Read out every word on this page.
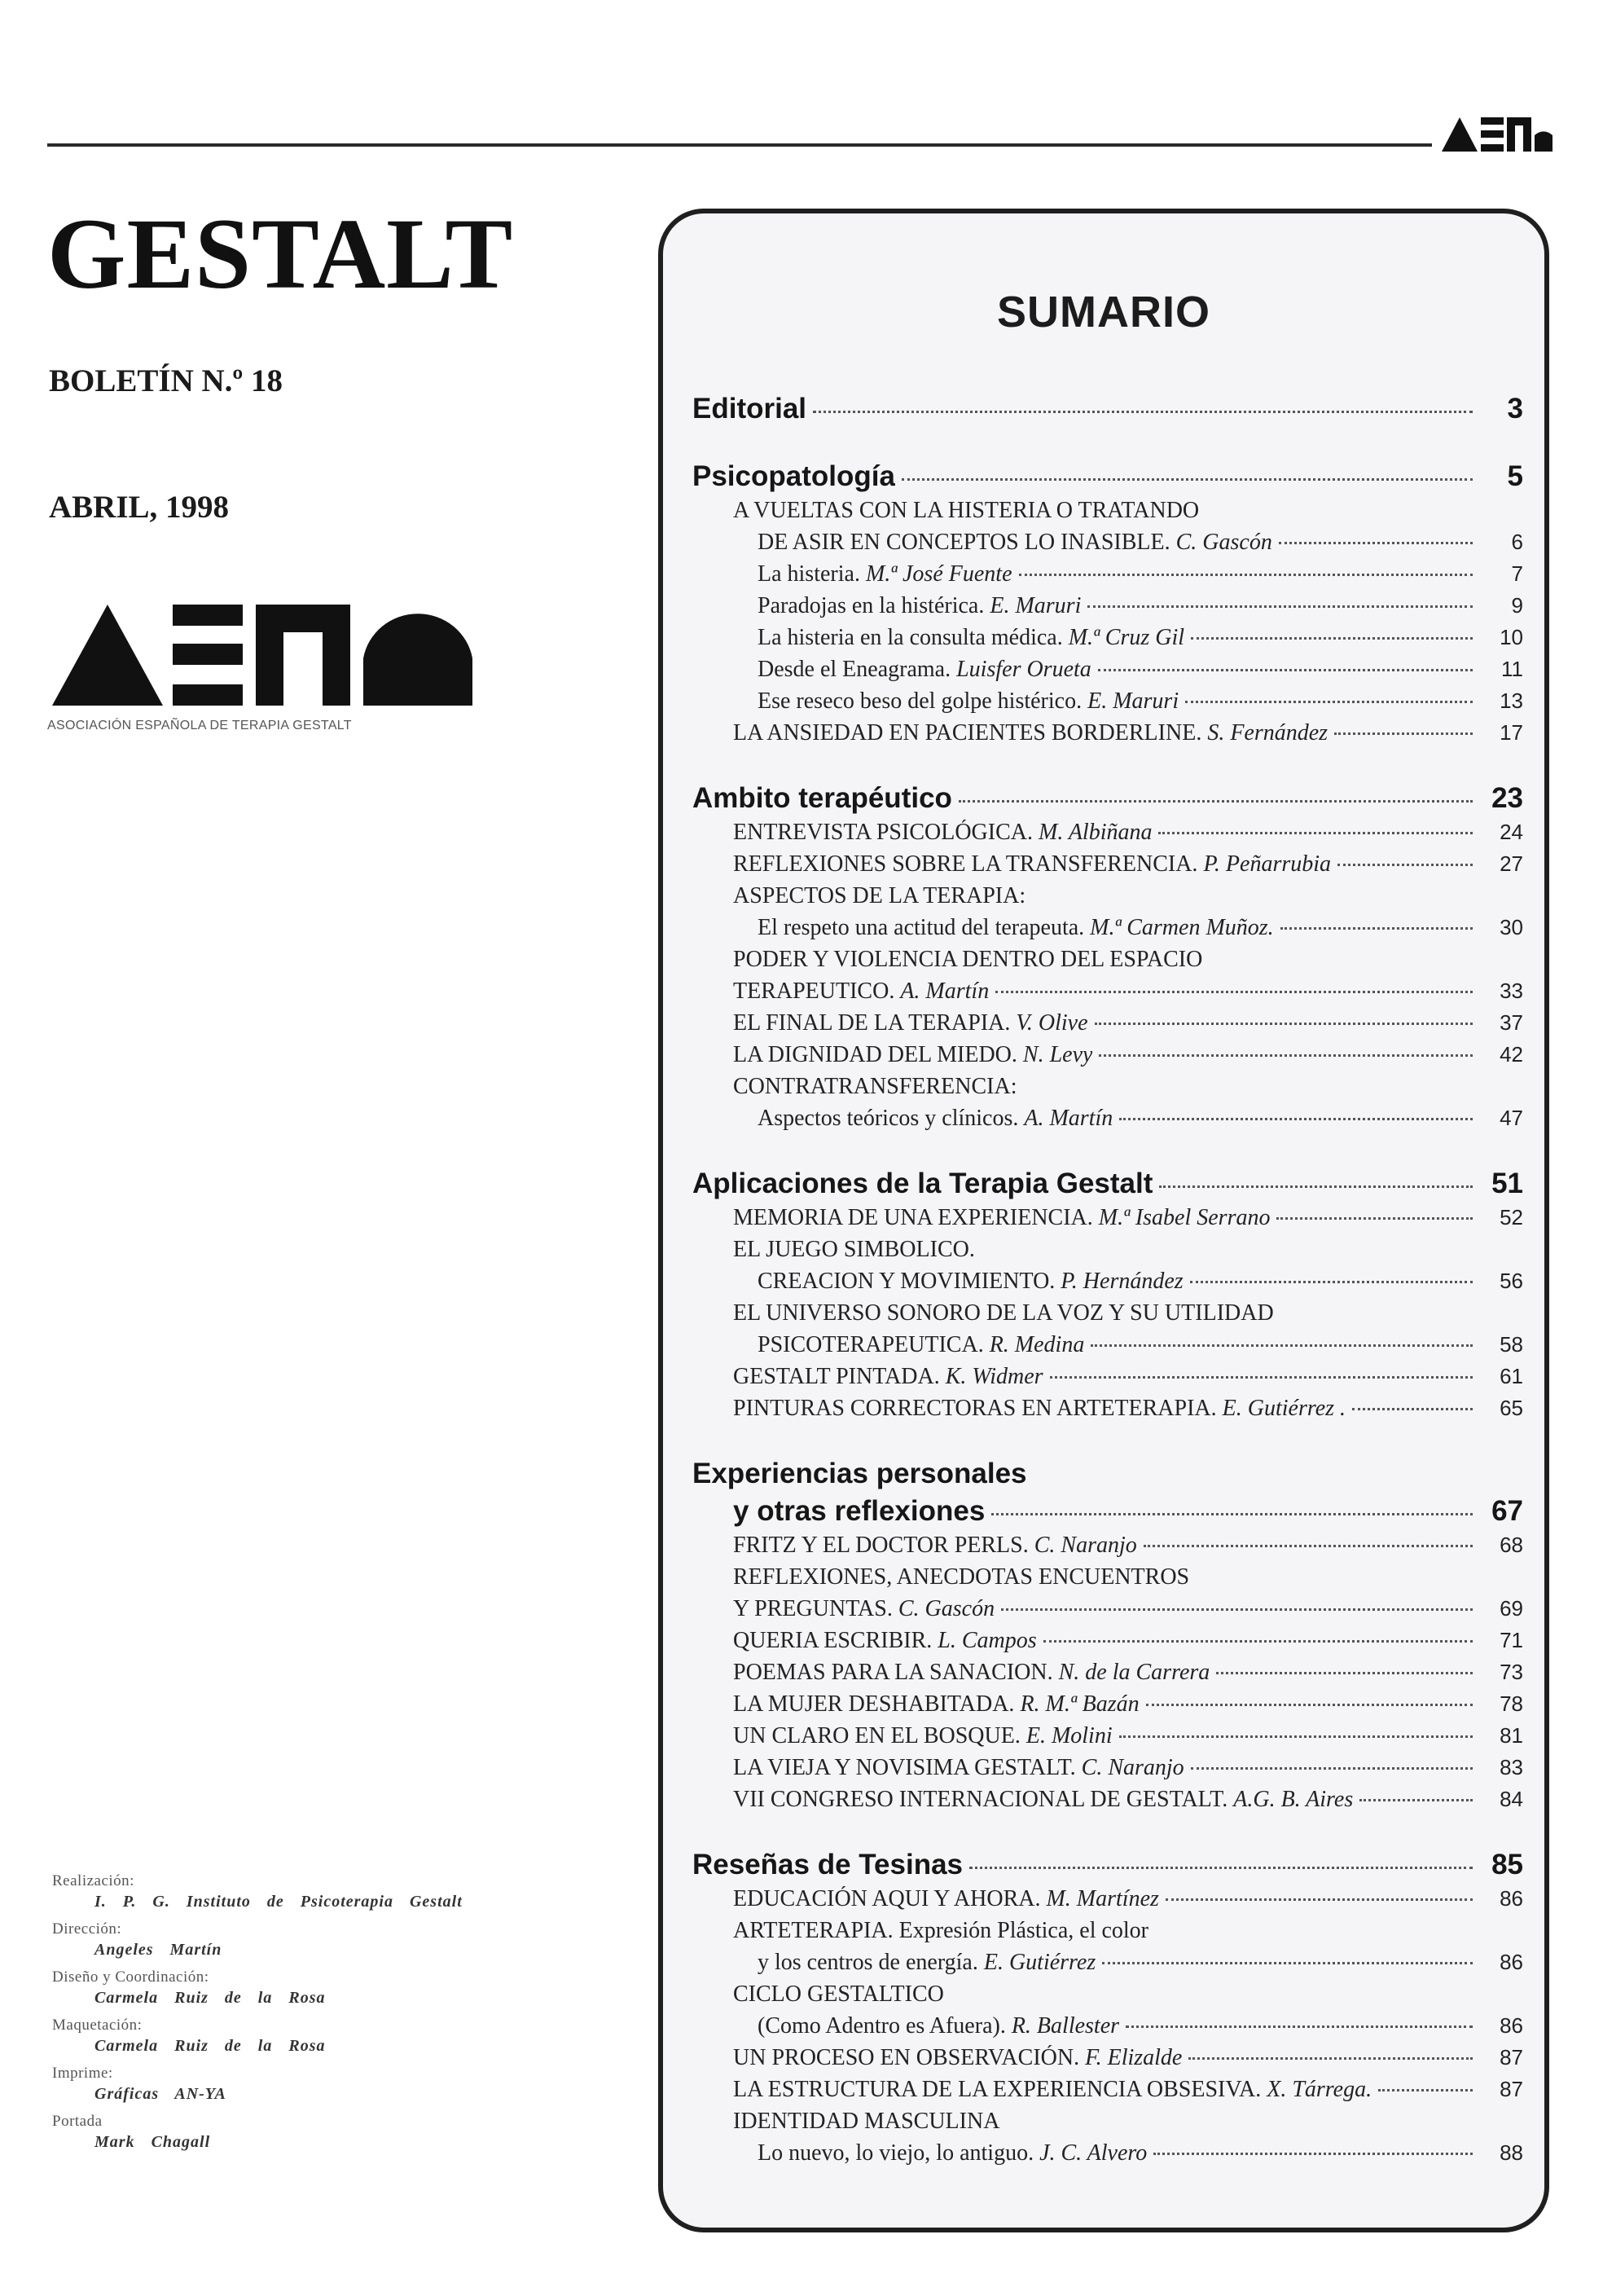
GESTALT
BOLETÍN N.º 18
ABRIL, 1998
ASOCIACIÓN ESPAÑOLA DE TERAPIA GESTALT
Realización:
I. P. G. Instituto de Psicoterapia Gestalt
Dirección:
Angeles Martín
Diseño y Coordinación:
Carmela Ruiz de la Rosa
Maquetación:
Carmela Ruiz de la Rosa
Imprime:
Gráficas AN-YA
Portada
Mark Chagall
SUMARIO
Editorial	3
Psicopatología	5
A VUELTAS CON LA HISTERIA O TRATANDO
DE ASIR EN CONCEPTOS LO INASIBLE. C. Gascón	6
La histeria. M.ª José Fuente	7
Paradojas en la histérica. E. Maruri	9
La histeria en la consulta médica. M.ª Cruz Gil	10
Desde el Eneagrama. Luisfer Orueta	11
Ese reseco beso del golpe histérico. E. Maruri	13
LA ANSIEDAD EN PACIENTES BORDERLINE. S. Fernández	17
Ambito terapéutico	23
ENTREVISTA PSICOLÓGICA. M. Albiñana	24
REFLEXIONES SOBRE LA TRANSFERENCIA. P. Peñarrubia	27
ASPECTOS DE LA TERAPIA:
El respeto una actitud del terapeuta. M.ª Carmen Muñoz.	30
PODER Y VIOLENCIA DENTRO DEL ESPACIO
TERAPEUTICO. A. Martín	33
EL FINAL DE LA TERAPIA. V. Olive	37
LA DIGNIDAD DEL MIEDO. N. Levy	42
CONTRATRANSFERENCIA:
Aspectos teóricos y clínicos. A. Martín	47
Aplicaciones de la Terapia Gestalt	51
MEMORIA DE UNA EXPERIENCIA. M.ª Isabel Serrano	52
EL JUEGO SIMBOLICO.
CREACION Y MOVIMIENTO. P. Hernández	56
EL UNIVERSO SONORO DE LA VOZ Y SU UTILIDAD
PSICOTERAPEUTICA. R. Medina	58
GESTALT PINTADA. K. Widmer	61
PINTURAS CORRECTORAS EN ARTETERAPIA. E. Gutiérrez .	65
Experiencias personales
y otras reflexiones	67
FRITZ Y EL DOCTOR PERLS. C. Naranjo	68
REFLEXIONES, ANECDOTAS ENCUENTROS
Y PREGUNTAS. C. Gascón	69
QUERIA ESCRIBIR. L. Campos	71
POEMAS PARA LA SANACION. N. de la Carrera	73
LA MUJER DESHABITADA. R. M.ª Bazán	78
UN CLARO EN EL BOSQUE. E. Molini	81
LA VIEJA Y NOVISIMA GESTALT. C. Naranjo	83
VII CONGRESO INTERNACIONAL DE GESTALT. A.G. B. Aires	84
Reseñas de Tesinas	85
EDUCACIÓN AQUI Y AHORA. M. Martínez	86
ARTETERAPIA. Expresión Plástica, el color
y los centros de energía. E. Gutiérrez	86
CICLO GESTALTICO
(Como Adentro es Afuera). R. Ballester	86
UN PROCESO EN OBSERVACIÓN. F. Elizalde	87
LA ESTRUCTURA DE LA EXPERIENCIA OBSESIVA. X. Tárrega.	87
IDENTIDAD MASCULINA
Lo nuevo, lo viejo, lo antiguo. J. C. Alvero	88
